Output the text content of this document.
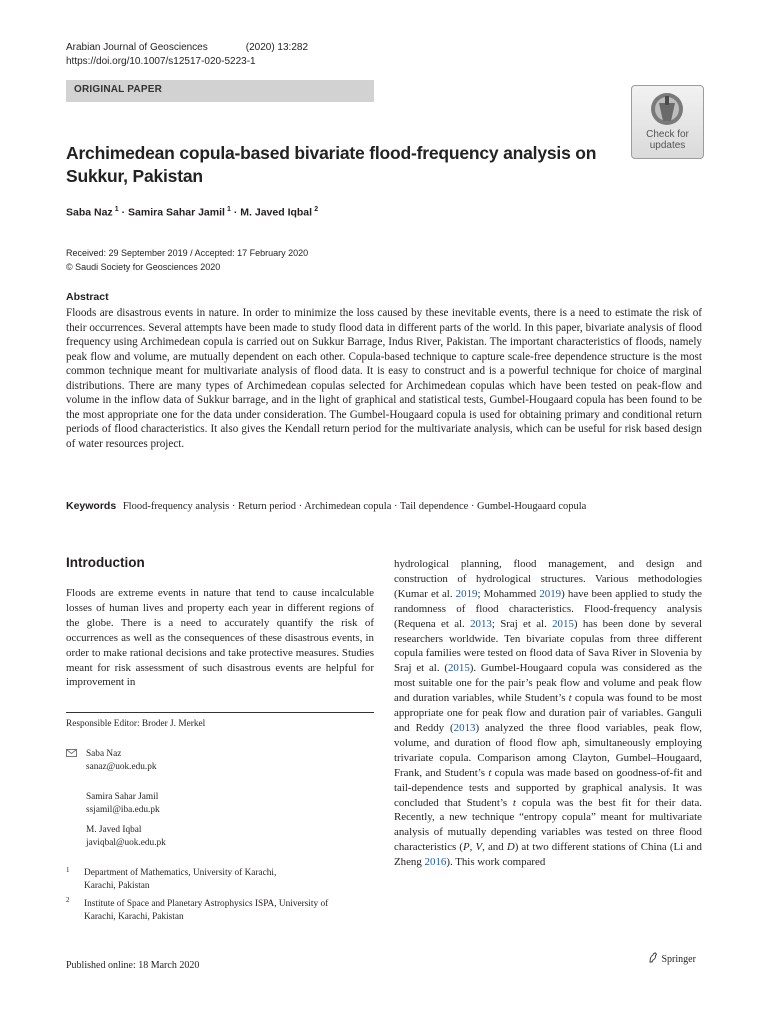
Arabian Journal of Geosciences	(2020) 13:282
https://doi.org/10.1007/s12517-020-5223-1
ORIGINAL PAPER
Check for
updates
Archimedean copula-based bivariate flood-frequency analysis on Sukkur, Pakistan
Saba Naz  $^1$ · Samira Sahar Jamil  $^1$ · M. Javed Iqbal  $^2$
Received: 29 September 2019 / Accepted: 17 February 2020
© Saudi Society for Geosciences 2020
Abstract
Floods are disastrous events in nature. In order to minimize the loss caused by these inevitable events, there is a need to estimate the risk of their occurrences. Several attempts have been made to study flood data in different parts of the world. In this paper, bivariate analysis of flood frequency using Archimedean copula is carried out on Sukkur Barrage, Indus River, Pakistan. The important characteristics of floods, namely peak flow and volume, are mutually dependent on each other. Copula-based technique to capture scale-free dependence structure is the most common technique meant for multivariate analysis of flood data. It is easy to construct and is a powerful technique for choice of marginal distributions. There are many types of Archimedean copulas selected for Archimedean copulas which have been tested on peak-flow and volume in the inflow data of Sukkur barrage, and in the light of graphical and statistical tests, Gumbel-Hougaard copula has been found to be the most appropriate one for the data under consideration. The Gumbel-Hougaard copula is used for obtaining primary and conditional return periods of flood characteristics. It also gives the Kendall return period for the multivariate analysis, which can be useful for risk based design of water resources project.
Keywords Flood-frequency analysis · Return period · Archimedean copula · Tail dependence · Gumbel-Hougaard copula
Introduction
Floods are extreme events in nature that tend to cause incalculable losses of human lives and property each year in different regions of the globe. There is a need to accurately quantify the risk of occurrences as well as the consequences of these disastrous events, in order to make rational decisions and take protective measures. Studies meant for risk assessment of such disastrous events are helpful for improvement in
hydrological planning, flood management, and design and construction of hydrological structures. Various methodologies (Kumar et al. 2019; Mohammed 2019) have been applied to study the randomness of flood characteristics. Flood-frequency analysis (Requena et al. 2013; Sraj et al. 2015) has been done by several researchers worldwide. Ten bivariate copulas from three different copula families were tested on flood data of Sava River in Slovenia by Sraj et al. (2015). Gumbel-Hougaard copula was considered as the most suitable one for the pair’s peak flow and volume and peak flow and duration variables, while Student’s t copula was found to be most appropriate one for peak flow and duration pair of variables. Ganguli and Reddy (2013) analyzed the three flood variables, peak flow, volume, and duration of flood flow aph, simultaneously employing trivariate copula. Comparison among Clayton, Gumbel–Hougaard, Frank, and Student’s t copula was made based on goodness-of-fit and tail-dependence tests and supported by graphical analysis. It was concluded that Student’s t copula was the best fit for their data. Recently, a new technique “entropy copula” meant for multivariate analysis of mutually depending variables was tested on three flood characteristics (P, V, and D) at two different stations of China (Li and Zheng 2016). This work compared
Responsible Editor: Broder J. Merkel
Saba Naz
sanaz@uok.edu.pk
Samira Sahar Jamil
ssjamil@iba.edu.pk
M. Javed Iqbal
javiqbal@uok.edu.pk
1 Department of Mathematics, University of Karachi,
Karachi, Pakistan
2 Institute of Space and Planetary Astrophysics ISPA, University of
Karachi, Karachi, Pakistan
Published online: 18 March 2020
Springer
